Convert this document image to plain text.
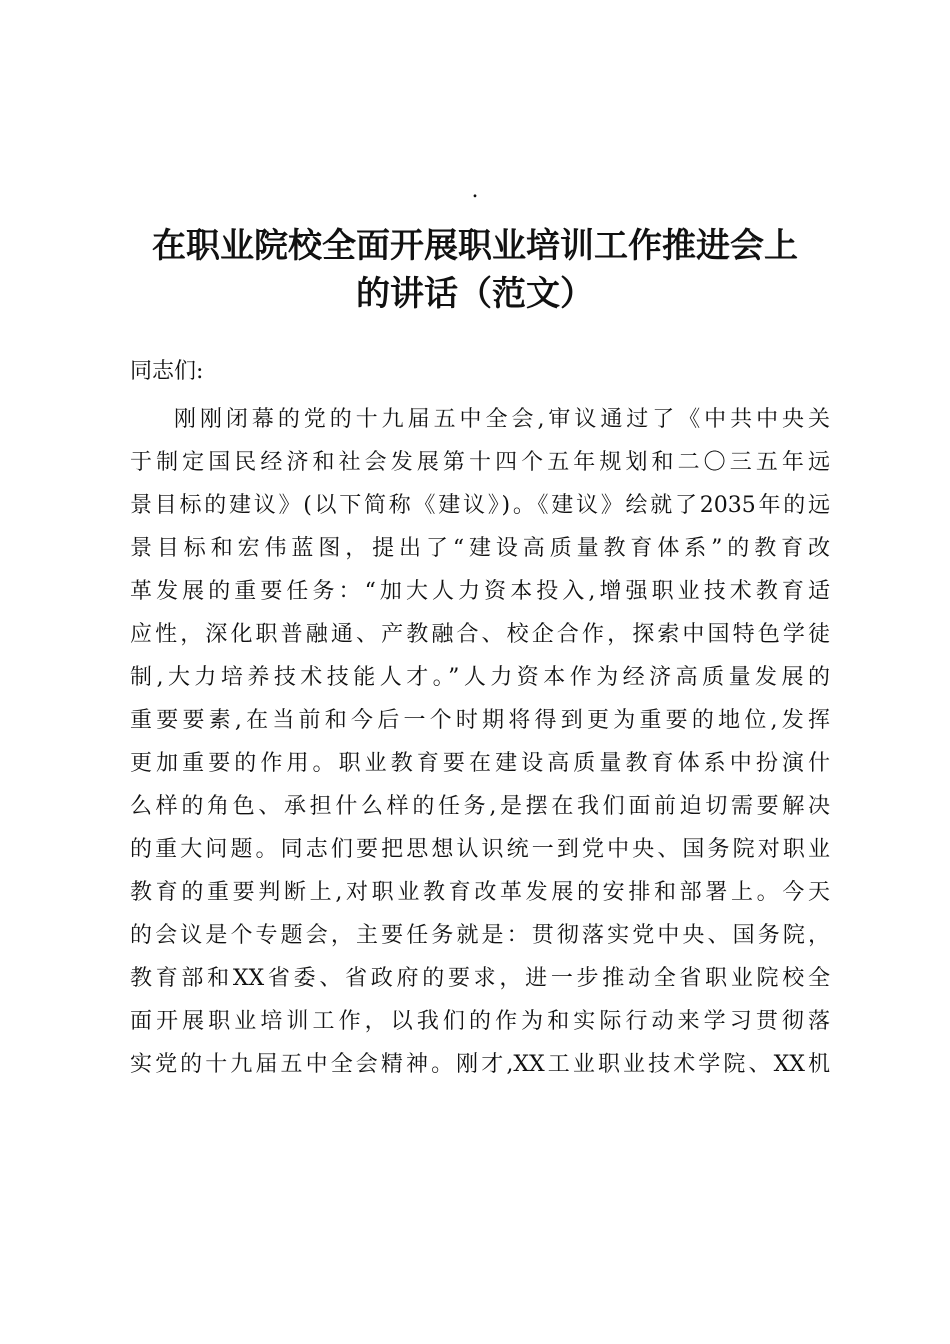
.
在职业院校全面开展职业培训工作推进会上
的讲话（范文）
同志们:
刚刚闭幕的党的十九届五中全会,审议通过了《中共中央关
于制定国民经济和社会发展第十四个五年规划和二〇三五年远
景目标的建议》(以下简称《建议》)。《建议》绘就了2035年的远
景目标和宏伟蓝图，提出了“建设高质量教育体系”的教育改
革发展的重要任务：“加大人力资本投入,增强职业技术教育适
应性，深化职普融通、产教融合、校企合作，探索中国特色学徒
制,大力培养技术技能人才。”人力资本作为经济高质量发展的
重要要素,在当前和今后一个时期将得到更为重要的地位,发挥
更加重要的作用。职业教育要在建设高质量教育体系中扮演什
么样的角色、承担什么样的任务,是摆在我们面前迫切需要解决
的重大问题。同志们要把思想认识统一到党中央、国务院对职业
教育的重要判断上,对职业教育改革发展的安排和部署上。今天
的会议是个专题会，主要任务就是：贯彻落实党中央、国务院，
教育部和XX省委、省政府的要求，进一步推动全省职业院校全
面开展职业培训工作，以我们的作为和实际行动来学习贯彻落
实党的十九届五中全会精神。刚才,XX工业职业技术学院、XX机
